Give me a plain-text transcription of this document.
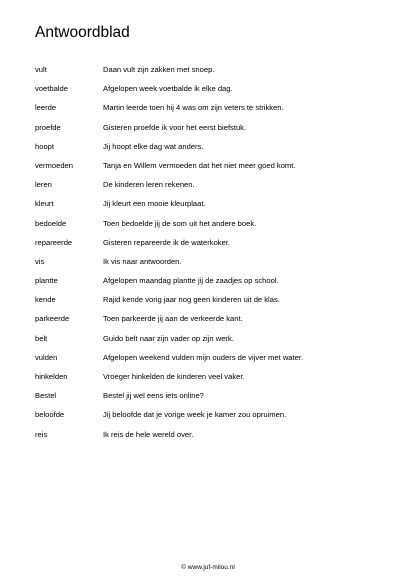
Antwoordblad
vult	Daan vult zijn zakken met snoep.
voetbalde	Afgelopen week voetbalde ik elke dag.
leerde	Martin leerde toen hij 4 was om zijn veters te strikken.
proefde	Gisteren proefde ik voor het eerst biefstuk.
hoopt	Jij hoopt elke dag wat anders.
vermoeden	Tanja en Willem vermoeden dat het niet meer goed komt.
leren	De kinderen leren rekenen.
kleurt	Jij kleurt een mooie kleurplaat.
bedoelde	Toen bedoelde jij de som uit het andere boek.
repareerde	Gisteren repareerde ik de waterkoker.
vis	Ik vis naar antwoorden.
plantte	Afgelopen maandag plantte jij de zaadjes op school.
kende	Rajid kende vorig jaar nog geen kinderen uit de klas.
parkeerde	Toen parkeerde jij aan de verkeerde kant.
belt	Guido belt naar zijn vader op zijn werk.
vulden	Afgelopen weekend vulden mijn ouders de vijver met water.
hinkelden	Vroeger hinkelden de kinderen veel vaker.
Bestel	Bestel jij wel eens iets online?
beloofde	Jij beloofde dat je vorige week je kamer zou opruimen.
reis	Ik reis de hele wereld over.
© www.juf-milou.nl
